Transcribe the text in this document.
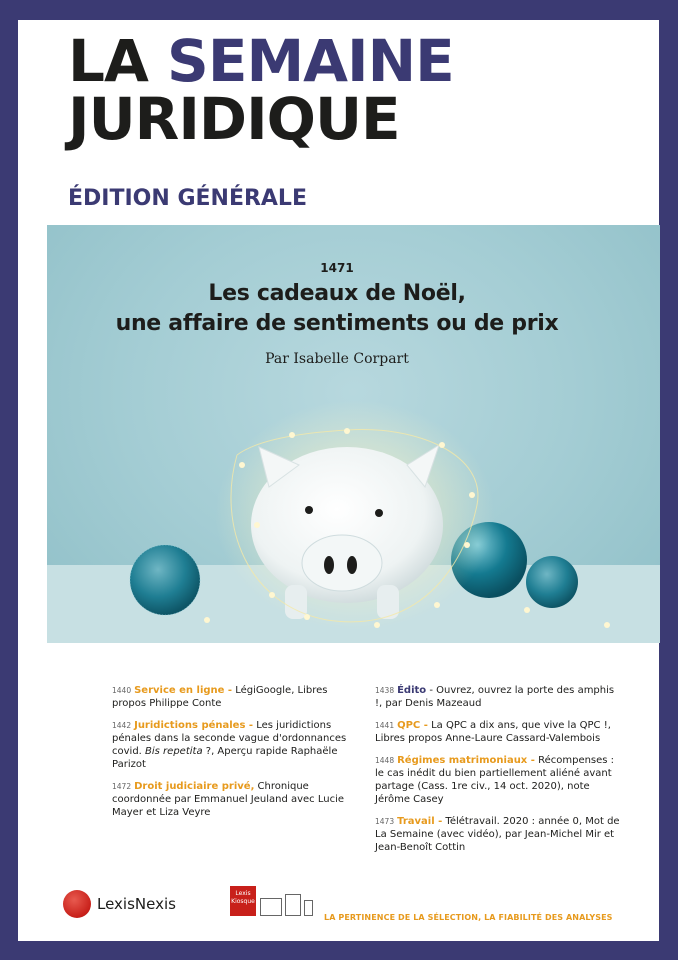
LA SEMAINE
JURIDIQUE
ÉDITION GÉNÉRALE
1440 Service en ligne - LégiGoogle, Libres propos Philippe Conte
1442 Juridictions pénales - Les juridictions pénales dans la seconde vague d'ordonnances covid. Bis repetita ?, Aperçu rapide Raphaële Parizot
1472 Droit judiciaire privé, Chronique coordonnée par Emmanuel Jeuland avec Lucie Mayer et Liza Veyre
1438 Édito - Ouvrez, ouvrez la porte des amphis !, par Denis Mazeaud
1441 QPC - La QPC a dix ans, que vive la QPC !, Libres propos Anne-Laure Cassard-Valembois
1448 Régimes matrimoniaux - Récompenses : le cas inédit du bien partiellement aliéné avant partage (Cass. 1re civ., 14 oct. 2020), note Jérôme Casey
1473 Travail - Télétravail. 2020 : année 0, Mot de La Semaine (avec vidéo), par Jean-Michel Mir et Jean-Benoît Cottin
LexisNexis
Lexis
Kiosque
LA PERTINENCE DE LA SÉLECTION, LA FIABILITÉ DES ANALYSES
1471
Les cadeaux de Noël,
une affaire de sentiments ou de prix
Par Isabelle Corpart
